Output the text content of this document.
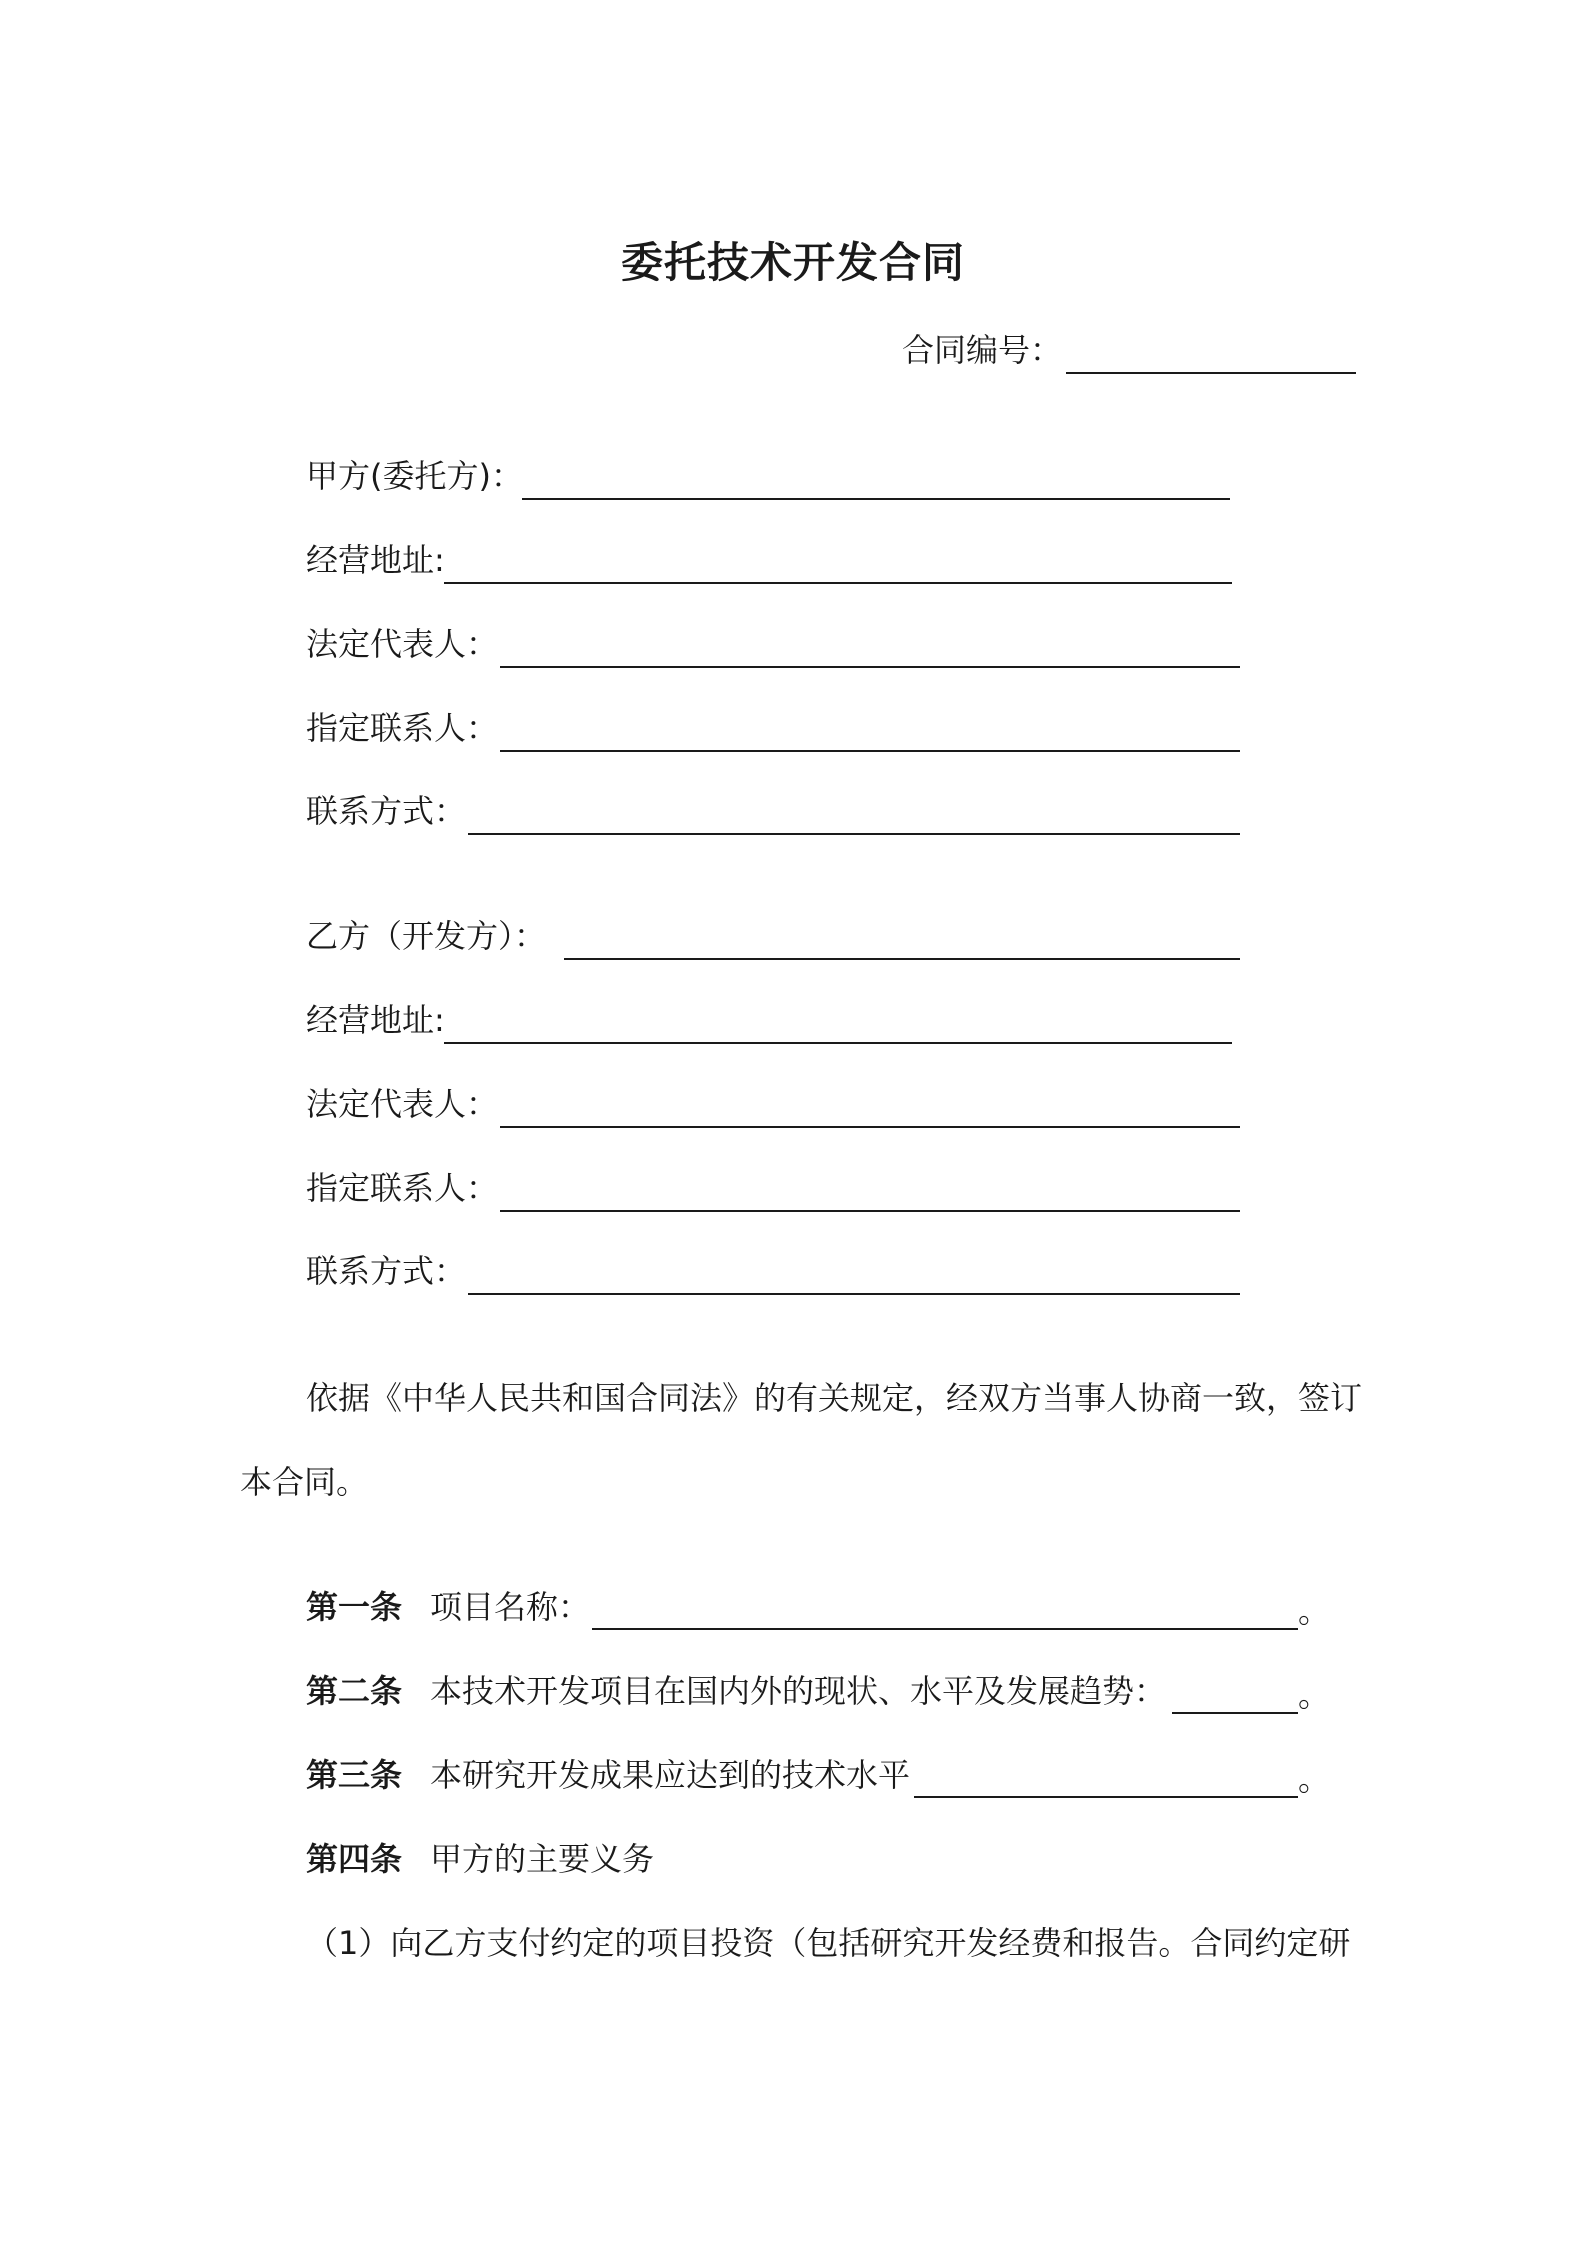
委托技术开发合同
合同编号：
甲方(委托方)：
经营地址:
法定代表人：
指定联系人：
联系方式：
乙方（开发方）：
经营地址:
法定代表人：
指定联系人：
联系方式：
依据《中华人民共和国合同法》的有关规定，经双方当事人协商一致，签订
本合同。
第一条 项目名称：	。
第二条 本技术开发项目在国内外的现状、水平及发展趋势：	。
第三条 本研究开发成果应达到的技术水平	。
第四条 甲方的主要义务
（1）向乙方支付约定的项目投资（包括研究开发经费和报告。合同约定研
